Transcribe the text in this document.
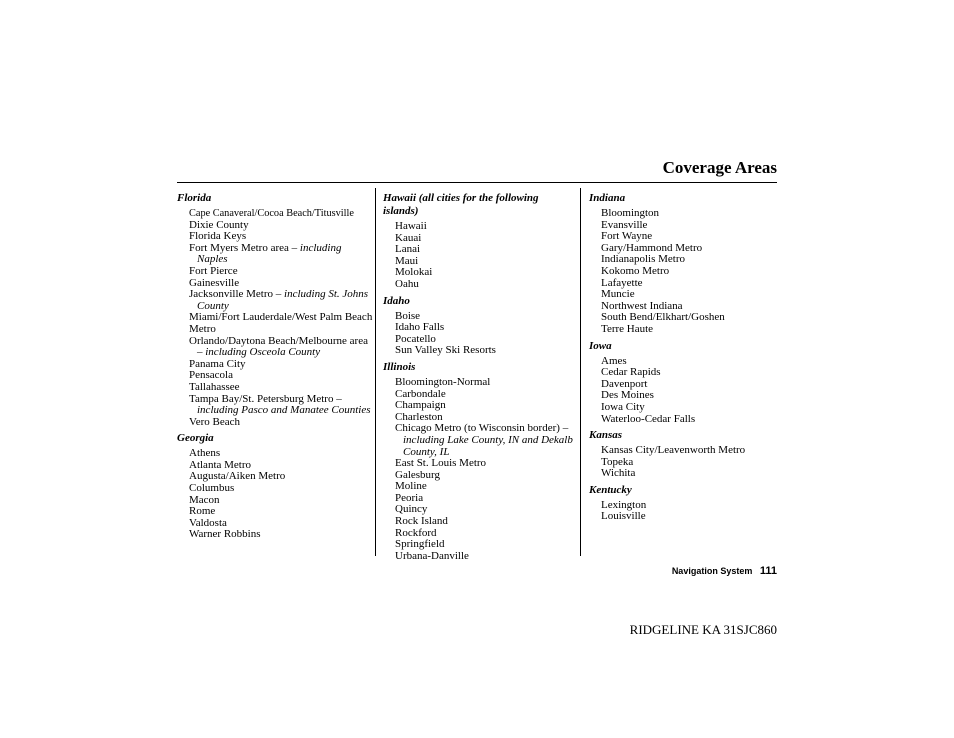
Coverage Areas
Florida
Cape Canaveral/Cocoa Beach/Titusville
Dixie County
Florida Keys
Fort Myers Metro area – including Naples
Fort Pierce
Gainesville
Jacksonville Metro – including St. Johns County
Miami/Fort Lauderdale/West Palm Beach Metro
Orlando/Daytona Beach/Melbourne area – including Osceola County
Panama City
Pensacola
Tallahassee
Tampa Bay/St. Petersburg Metro – including Pasco and Manatee Counties
Vero Beach
Georgia
Athens
Atlanta Metro
Augusta/Aiken Metro
Columbus
Macon
Rome
Valdosta
Warner Robbins
Hawaii (all cities for the following islands)
Hawaii
Kauai
Lanai
Maui
Molokai
Oahu
Idaho
Boise
Idaho Falls
Pocatello
Sun Valley Ski Resorts
Illinois
Bloomington-Normal
Carbondale
Champaign
Charleston
Chicago Metro (to Wisconsin border) – including Lake County, IN and Dekalb County, IL
East St. Louis Metro
Galesburg
Moline
Peoria
Quincy
Rock Island
Rockford
Springfield
Urbana-Danville
Indiana
Bloomington
Evansville
Fort Wayne
Gary/Hammond Metro
Indianapolis Metro
Kokomo Metro
Lafayette
Muncie
Northwest Indiana
South Bend/Elkhart/Goshen
Terre Haute
Iowa
Ames
Cedar Rapids
Davenport
Des Moines
Iowa City
Waterloo-Cedar Falls
Kansas
Kansas City/Leavenworth Metro
Topeka
Wichita
Kentucky
Lexington
Louisville
Navigation System 111
RIDGELINE KA 31SJC860
